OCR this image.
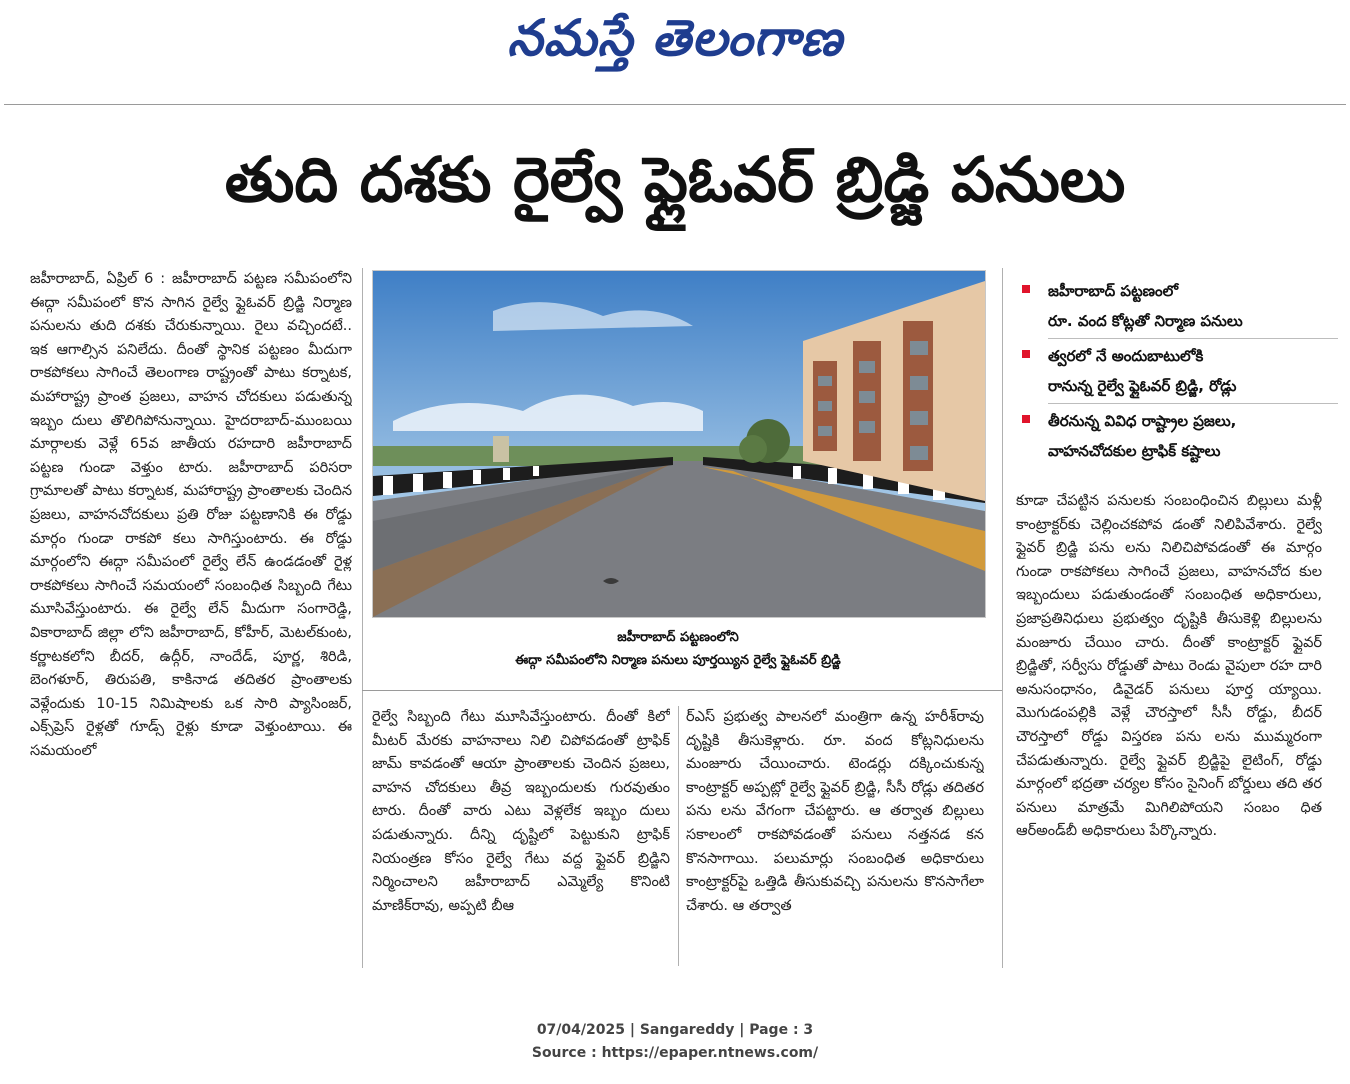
నమస్తే తెలంగాణ
తుది దశకు రైల్వే ఫ్లైఓవర్ బ్రిడ్జి పనులు

జహీరాబాద్, ఏప్రిల్ 6 : జహీరాబాద్ పట్టణ సమీపంలోని ఈద్గా సమీపంలో కొన సాగిన రైల్వే ఫ్లైఓవర్ బ్రిడ్జి నిర్మాణ పనులను తుది దశకు చేరుకున్నాయి. రైలు వచ్చిందటే.. ఇక ఆగాల్సిన పనిలేదు. దీంతో స్థానిక పట్టణం మీదుగా రాకపోకలు సాగించే తెలంగాణ రాష్ట్రంతో పాటు కర్నాటక, మహారాష్ట్ర ప్రాంత ప్రజలు, వాహన చోదకులు పడుతున్న ఇబ్బం దులు తొలిగిపోనున్నాయి. హైదరాబాద్-ముంబయి మార్గాలకు వెళ్లే 65వ జాతీయ రహదారి జహీరాబాద్ పట్టణ గుండా వెళ్తుం టారు. జహీరాబాద్ పరిసరా గ్రామాలతో పాటు కర్నాటక, మహారాష్ట్ర ప్రాంతాలకు చెందిన ప్రజలు, వాహనచోదకులు ప్రతి రోజు పట్టణానికి ఈ రోడ్డు మార్గం గుండా రాకపో కలు సాగిస్తుంటారు. ఈ రోడ్డు మార్గంలోని ఈద్గా సమీపంలో రైల్వే లేన్ ఉండడంతో రైళ్ల రాకపోకలు సాగించే సమయంలో సంబంధిత సిబ్బంది గేటు మూసివేస్తుంటారు. ఈ రైల్వే లేన్ మీదుగా సంగారెడ్డి, వికారాబాద్ జిల్లా లోని జహీరాబాద్, కోహీర్, మెటల్‌కుంట, కర్ణాటకలోని బీదర్, ఉద్గీర్, నాందేడ్, పూర్ణ, శిరిడి, బెంగళూర్, తిరుపతి, కాకినాడ తదితర ప్రాంతాలకు వెళ్లేందుకు 10-15 నిమిషాలకు ఒక సారి ప్యాసింజర్, ఎక్స్‌ప్రెస్ రైళ్లతో గూడ్స్ రైళ్లు కూడా వెళ్తుంటాయి. ఈ సమయంలో

జహీరాబాద్ పట్టణంలోని
ఈద్గా సమీపంలోని నిర్మాణ పనులు పూర్తయ్యిన రైల్వే ఫ్లైఓవర్ బ్రిడ్జి

రైల్వే సిబ్బంది గేటు మూసివేస్తుంటారు. దీంతో కిలో మీటర్ మేరకు వాహనాలు నిలి చిపోవడంతో ట్రాఫిక్ జామ్ కావడంతో ఆయా ప్రాంతాలకు చెందిన ప్రజలు, వాహన చోదకులు తీవ్ర ఇబ్బందులకు గురవుతుం టారు. దీంతో వారు ఎటు వెళ్లలేక ఇబ్బం దులు పడుతున్నారు. దీన్ని దృష్టిలో పెట్టుకుని ట్రాఫిక్ నియంత్రణ కోసం రైల్వే గేటు వద్ద ఫ్లైవర్ బ్రిడ్జిని నిర్మించాలని జహీరాబాద్ ఎమ్మెల్యే కొనింటి మాణిక్‌రావు, అప్పటి బీఆ

ర్ఎస్ ప్రభుత్వ పాలనలో మంత్రిగా ఉన్న హరీశ్‌రావు దృష్టికి తీసుకెళ్లారు. రూ. వంద కోట్లనిధులను మంజూరు చేయించారు. టెండర్లు దక్కించుకున్న కాంట్రాక్టర్ అప్పట్లో రైల్వే ఫ్లైవర్ బ్రిడ్జి, సీసీ రోడ్లు తదితర పను లను వేగంగా చేపట్టారు. ఆ తర్వాత బిల్లులు సకాలంలో రాకపోవడంతో పనులు నత్తనడ కన కొనసాగాయి. పలుమార్లు సంబంధిత అధికారులు కాంట్రాక్టర్‌పై ఒత్తిడి తీసుకువచ్చి పనులను కొనసాగేలా చేశారు. ఆ తర్వాత

జహీరాబాద్ పట్టణంలో
రూ. వంద కోట్లతో నిర్మాణ పనులు
త్వరలో నే అందుబాటులోకి
రానున్న రైల్వే ఫ్లైఓవర్ బ్రిడ్జి, రోడ్లు
తీరనున్న వివిధ రాష్ట్రాల ప్రజలు,
వాహనచోదకుల ట్రాఫిక్ కష్టాలు

కూడా చేపట్టిన పనులకు సంబంధించిన బిల్లులు మళ్లీ కాంట్రాక్టర్‌కు చెల్లించకపోవ డంతో నిలిపివేశారు. రైల్వే ఫ్లైవర్ బ్రిడ్జి పను లను నిలిచిపోవడంతో ఈ మార్గం గుండా రాకపోకలు సాగించే ప్రజలు, వాహనచోద కుల ఇబ్బందులు పడుతుండంతో సంబంధిత అధికారులు, ప్రజాప్రతినిధులు ప్రభుత్వం దృష్టికి తీసుకెళ్లి బిల్లులను మంజూరు చేయిం చారు. దీంతో కాంట్రాక్టర్ ఫ్లైవర్ బ్రిడ్జితో, సర్వీసు రోడ్డుతో పాటు రెండు వైపులా రహ దారి అనుసంధానం, డివైడర్ పనులు పూర్త య్యాయి. మొగుడంపల్లికి వెళ్లే చౌరస్తాలో సీసీ రోడ్డు, బీదర్ చౌరస్తాలో రోడ్డు విస్తరణ పను లను ముమ్మరంగా చేపడుతున్నారు. రైల్వే ఫ్లైవర్ బ్రిడ్జిపై లైటింగ్, రోడ్డు మార్గంలో భద్రతా చర్యల కోసం సైనింగ్ బోర్డులు తది తర పనులు మాత్రమే మిగిలిపోయని సంబం ధిత ఆర్‌అండ్‌బీ అధికారులు పేర్కొన్నారు.

07/04/2025 | Sangareddy | Page : 3
Source : https://epaper.ntnews.com/
